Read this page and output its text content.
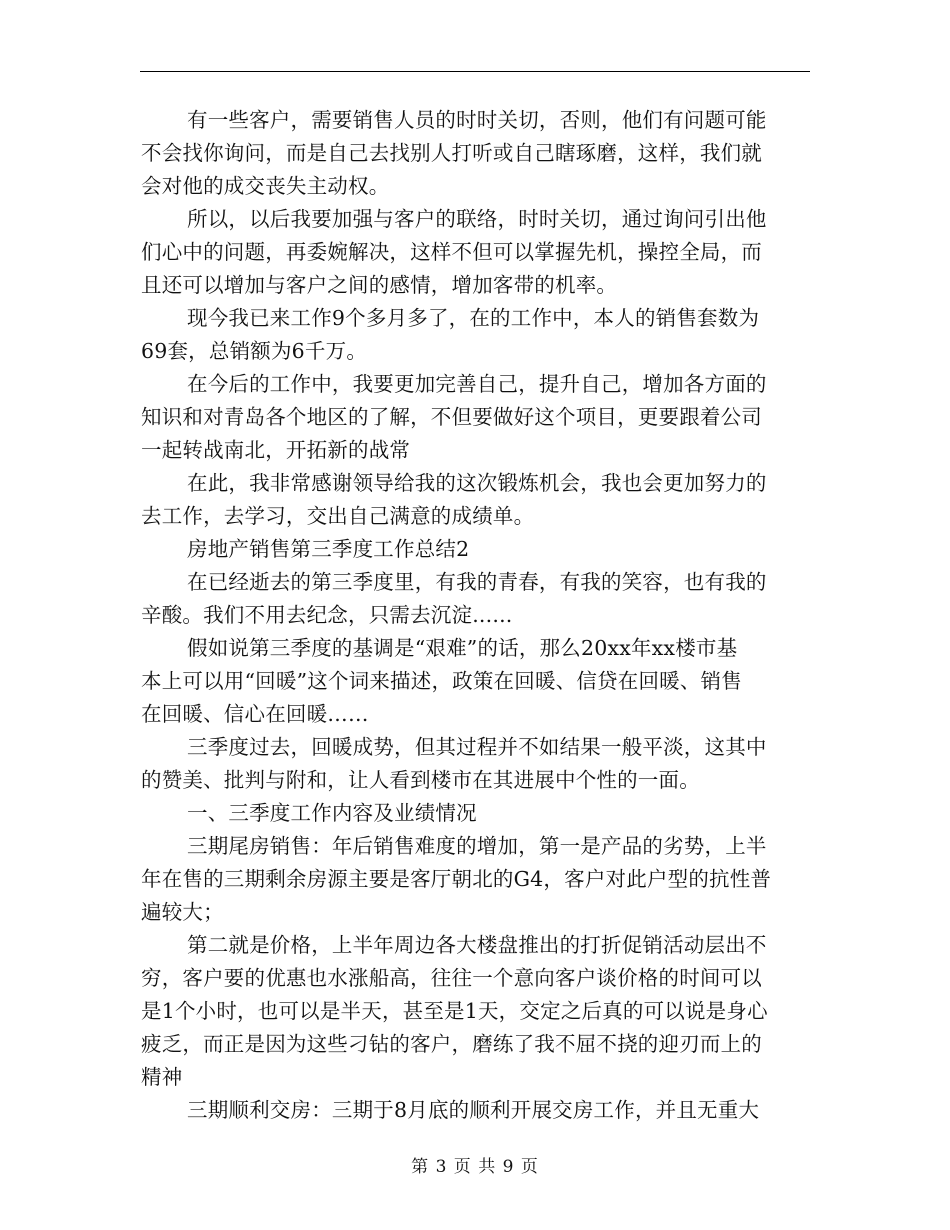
有一些客户，需要销售人员的时时关切，否则，他们有问题可能
不会找你询问，而是自己去找别人打听或自己瞎琢磨，这样，我们就
会对他的成交丧失主动权。
所以，以后我要加强与客户的联络，时时关切，通过询问引出他
们心中的问题，再委婉解决，这样不但可以掌握先机，操控全局，而
且还可以增加与客户之间的感情，增加客带的机率。
现今我已来工作9个多月多了，在的工作中，本人的销售套数为
69套，总销额为6千万。
在今后的工作中，我要更加完善自己，提升自己，增加各方面的
知识和对青岛各个地区的了解，不但要做好这个项目，更要跟着公司
一起转战南北，开拓新的战常
在此，我非常感谢领导给我的这次锻炼机会，我也会更加努力的
去工作，去学习，交出自己满意的成绩单。
房地产销售第三季度工作总结2
在已经逝去的第三季度里，有我的青春，有我的笑容，也有我的
辛酸。我们不用去纪念，只需去沉淀......
假如说第三季度的基调是“艰难”的话，那么20xx年xx楼市基
本上可以用“回暖”这个词来描述，政策在回暖、信贷在回暖、销售
在回暖、信心在回暖……
三季度过去，回暖成势，但其过程并不如结果一般平淡，这其中
的赞美、批判与附和，让人看到楼市在其进展中个性的一面。
一、三季度工作内容及业绩情况
三期尾房销售：年后销售难度的增加，第一是产品的劣势，上半
年在售的三期剩余房源主要是客厅朝北的G4，客户对此户型的抗性普
遍较大；
第二就是价格，上半年周边各大楼盘推出的打折促销活动层出不
穷，客户要的优惠也水涨船高，往往一个意向客户谈价格的时间可以
是1个小时，也可以是半天，甚至是1天，交定之后真的可以说是身心
疲乏，而正是因为这些刁钻的客户，磨练了我不屈不挠的迎刃而上的
精神
三期顺利交房：三期于8月底的顺利开展交房工作，并且无重大
第 3 页 共 9 页
